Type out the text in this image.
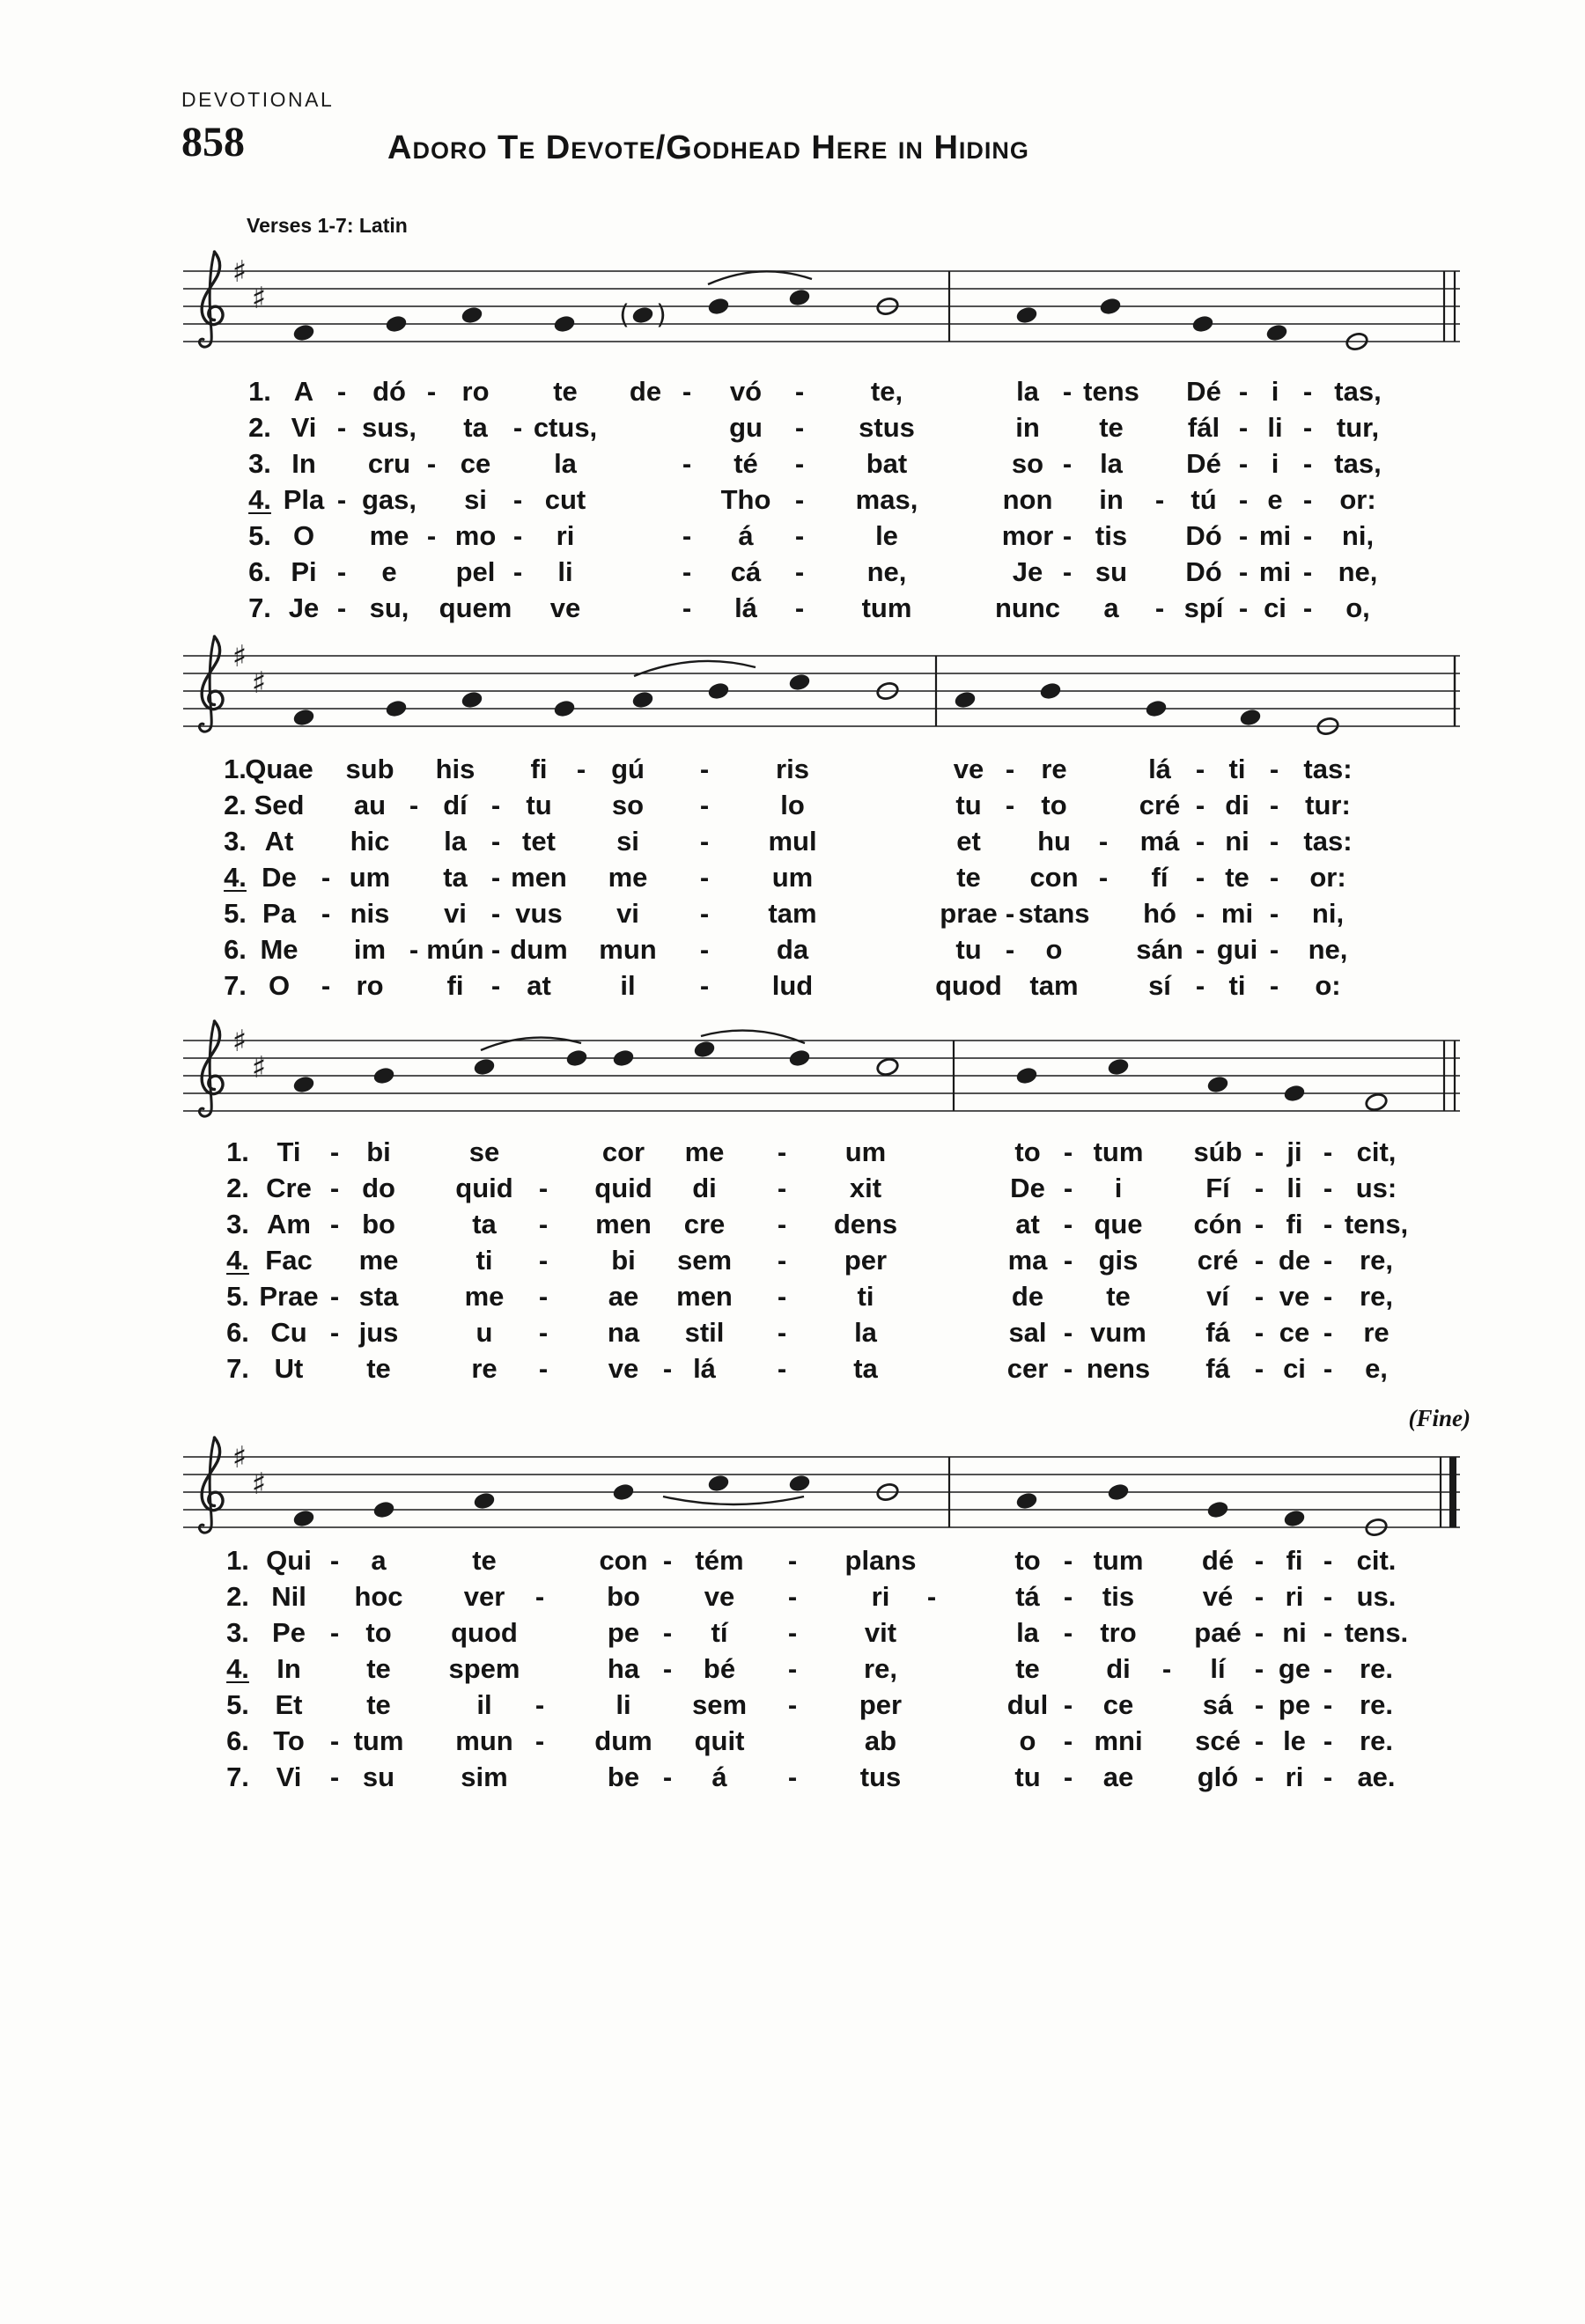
DEVOTIONAL
858	Adoro Te Devote/Godhead Here in Hiding
Verses 1-7: Latin
(Fine)
♯
♯	( )
1. A - dó - ro te de - vó - te,	la - tens Dé - i - tas,
2. Vi - sus, ta - ctus,	gu - stus	in te fál - li - tur,
3. In cru - ce la	- té - bat	so - la Dé - i - tas,
4. Pla - gas, si - cut	Tho - mas,	non in - tú - e - or:
5. O me - mo - ri	- á -	le	mor - tis Dó - mi - ni,
6. Pi - e pel - li	- cá - ne,	Je - su Dó - mi - ne,
7. Je - su, quem ve	- lá - tum	nunc a - spí - ci - o,
♯
♯
1.
Quae sub his fi - gú - ris	ve - re	lá - ti - tas:
2. Sed au - dí - tu so -	lo	tu - to	cré - di - tur:
3. At hic la - tet si - mul	et hu - má - ni - tas:
4. De - um ta - men me - um	te con - fí - te - or:
5. Pa - nis vi - vus vi - tam	prae - stans hó - mi - ni,
6. Me im - mún - dum mun - da	tu - o	sán - gui - ne,
7. O - ro fi - at	il - lud	quod tam	sí - ti - o:
♯
♯
1. Ti - bi	se	cor me - um	to - tum súb - ji - cit,
2. Cre - do quid - quid di - xit	De - i	Fí - li - us:
3. Am - bo	ta - men cre - dens	at - que cón - fi - tens,
4. Fac me	ti - bi sem - per	ma - gis cré - de - re,
5. Prae - sta me - ae men -	ti	de te	ví - ve - re,
6. Cu - jus	u - na stil - la	sal - vum fá - ce - re
7. Ut te	re - ve - lá - ta	cer - nens fá - ci - e,
♯
♯
1. Qui - a	te	con - tém - plans	to - tum dé - fi - cit.
2. Nil hoc ver - bo ve -	ri -	tá - tis	vé - ri - us.
3. Pe - to quod	pe - tí - vit	la - tro paé - ni - tens.
4. In te spem	ha - bé - re,	te di - lí - ge - re.
5. Et te	il -	li sem - per	dul - ce	sá - pe - re.
6. To - tum mun - dum quit	ab	o - mni scé - le - re.
7. Vi - su sim	be - á - tus	tu - ae gló - ri - ae.
